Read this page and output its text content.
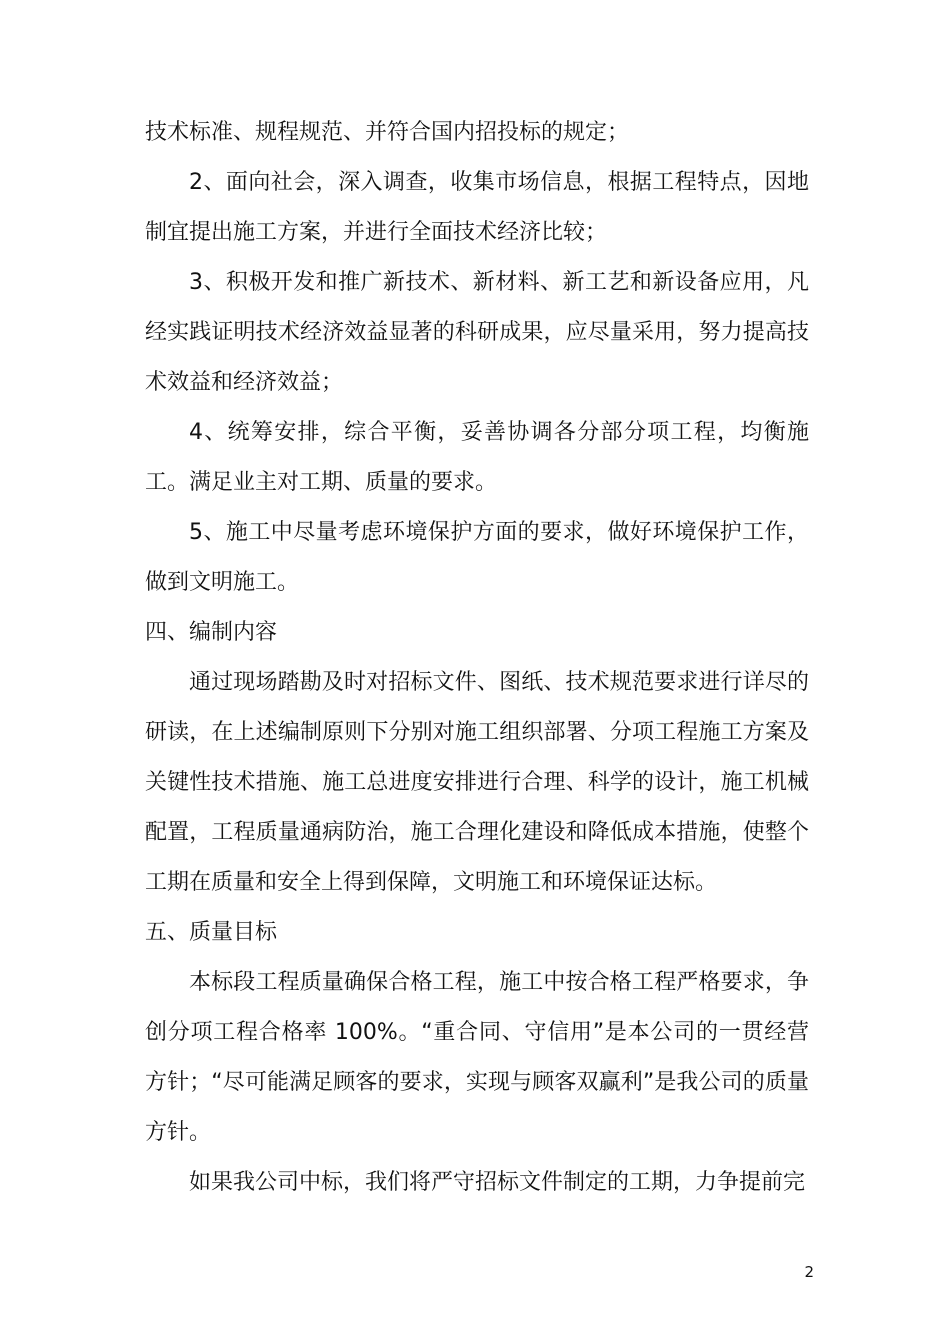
技术标准、规程规范、并符合国内招投标的规定；

2、面向社会，深入调查，收集市场信息，根据工程特点，因地制宜提出施工方案，并进行全面技术经济比较；

3、积极开发和推广新技术、新材料、新工艺和新设备应用，凡经实践证明技术经济效益显著的科研成果，应尽量采用，努力提高技术效益和经济效益；

4、统筹安排，综合平衡，妥善协调各分部分项工程，均衡施工。满足业主对工期、质量的要求。

5、施工中尽量考虑环境保护方面的要求，做好环境保护工作，做到文明施工。

四、编制内容

通过现场踏勘及时对招标文件、图纸、技术规范要求进行详尽的研读，在上述编制原则下分别对施工组织部署、分项工程施工方案及关键性技术措施、施工总进度安排进行合理、科学的设计，施工机械配置，工程质量通病防治，施工合理化建设和降低成本措施，使整个工期在质量和安全上得到保障，文明施工和环境保证达标。

五、质量目标

本标段工程质量确保合格工程，施工中按合格工程严格要求，争创分项工程合格率 100%。“重合同、守信用”是本公司的一贯经营方针；“尽可能满足顾客的要求，实现与顾客双赢利”是我公司的质量方针。

如果我公司中标，我们将严守招标文件制定的工期，力争提前完

2
